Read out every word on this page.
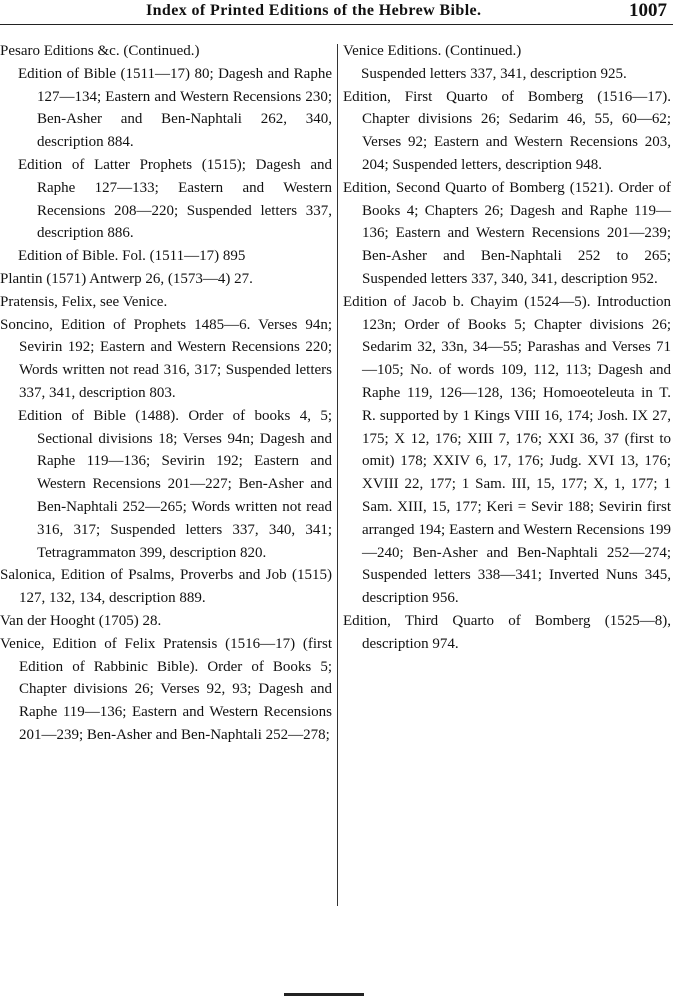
Index of Printed Editions of the Hebrew Bible.	1007

Pesaro Editions &c. (Continued.)

Edition of Bible (1511—17) 80; Dagesh and Raphe 127—134; Eastern and Western Recensions 230; Ben-Asher and Ben-Naphtali 262, 340, description 884.

Edition of Latter Prophets (1515); Dagesh and Raphe 127—133; Eastern and Western Recensions 208—220; Suspended letters 337, description 886.

Edition of Bible. Fol. (1511—17) 895

Plantin (1571) Antwerp 26, (1573—4) 27.

Pratensis, Felix, see Venice.

Soncino, Edition of Prophets 1485—6. Verses 94n; Sevirin 192; Eastern and Western Recensions 220; Words written not read 316, 317; Suspended letters 337, 341, description 803.

Edition of Bible (1488). Order of books 4, 5; Sectional divisions 18; Verses 94n; Dagesh and Raphe 119—136; Sevirin 192; Eastern and Western Recensions 201—227; Ben-Asher and Ben-Naphtali 252—265; Words written not read 316, 317; Suspended letters 337, 340, 341; Tetragrammaton 399, description 820.

Salonica, Edition of Psalms, Proverbs and Job (1515) 127, 132, 134, description 889.

Van der Hooght (1705) 28.

Venice, Edition of Felix Pratensis (1516—17) (first Edition of Rabbinic Bible). Order of Books 5; Chapter divisions 26; Verses 92, 93; Dagesh and Raphe 119—136; Eastern and Western Recensions 201—239; Ben-Asher and Ben-Naphtali 252—278;

Venice Editions. (Continued.)

Suspended letters 337, 341, description 925.

Edition, First Quarto of Bomberg (1516—17). Chapter divisions 26; Sedarim 46, 55, 60—62; Verses 92; Eastern and Western Recensions 203, 204; Suspended letters, description 948.

Edition, Second Quarto of Bomberg (1521). Order of Books 4; Chapters 26; Dagesh and Raphe 119—136; Eastern and Western Recensions 201—239; Ben-Asher and Ben-Naphtali 252 to 265; Suspended letters 337, 340, 341, description 952.

Edition of Jacob b. Chayim (1524—5). Introduction 123n; Order of Books 5; Chapter divisions 26; Sedarim 32, 33n, 34—55; Parashas and Verses 71—105; No. of words 109, 112, 113; Dagesh and Raphe 119, 126—128, 136; Homoeoteleuta in T. R. supported by 1 Kings VIII 16, 174; Josh. IX 27, 175; X 12, 176; XIII 7, 176; XXI 36, 37 (first to omit) 178; XXIV 6, 17, 176; Judg. XVI 13, 176; XVIII 22, 177; 1 Sam. III, 15, 177; X, 1, 177; 1 Sam. XIII, 15, 177; Keri = Sevir 188; Sevirin first arranged 194; Eastern and Western Recensions 199—240; Ben-Asher and Ben-Naphtali 252—274; Suspended letters 338—341; Inverted Nuns 345, description 956.

Edition, Third Quarto of Bomberg (1525—8), description 974.
